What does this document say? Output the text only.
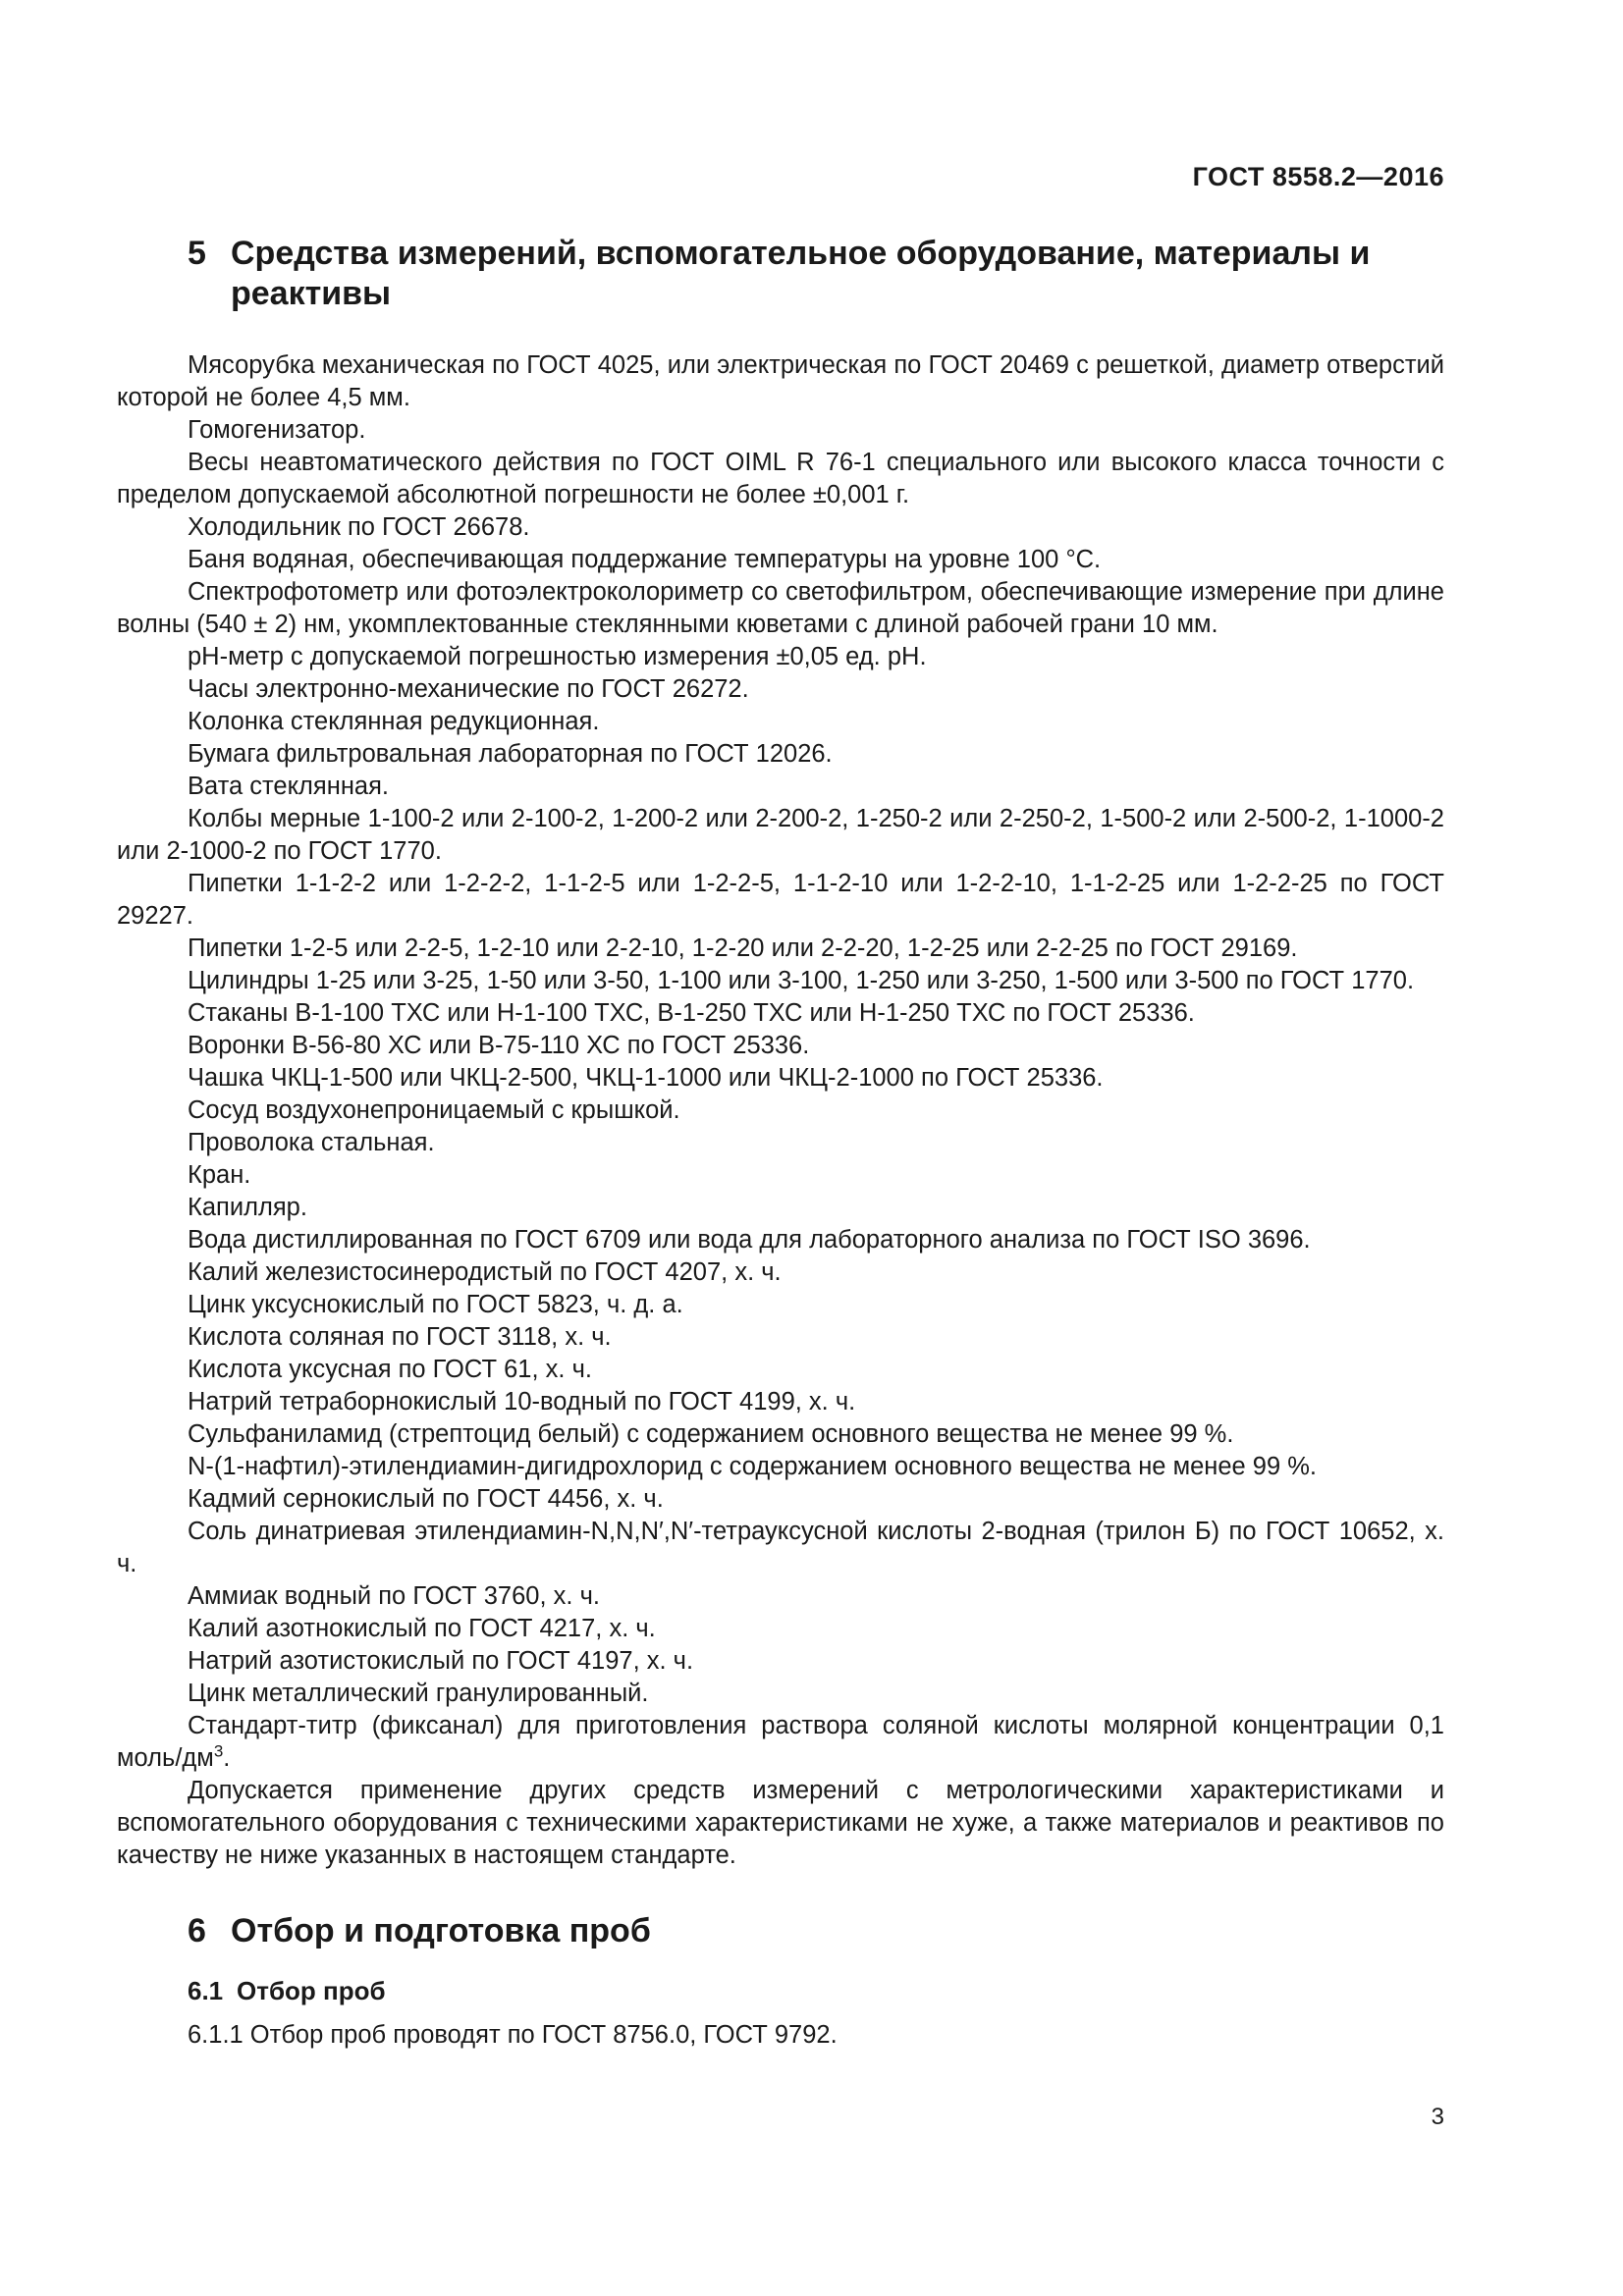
ГОСТ 8558.2—2016
5 Средства измерений, вспомогательное оборудование, материалы и реактивы

Мясорубка механическая по ГОСТ 4025, или электрическая по ГОСТ 20469 с решеткой, диаметр отверстий которой не более 4,5 мм.

Гомогенизатор.

Весы неавтоматического действия по ГОСТ OIML R 76-1 специального или высокого класса точности с пределом допускаемой абсолютной погрешности не более ±0,001 г.

Холодильник по ГОСТ 26678.

Баня водяная, обеспечивающая поддержание температуры на уровне 100 °С.

Спектрофотометр или фотоэлектроколориметр со светофильтром, обеспечивающие измерение при длине волны (540 ± 2) нм, укомплектованные стеклянными кюветами с длиной рабочей грани 10 мм.

pH-метр с допускаемой погрешностью измерения ±0,05 ед. pH.

Часы электронно-механические по ГОСТ 26272.

Колонка стеклянная редукционная.

Бумага фильтровальная лабораторная по ГОСТ 12026.

Вата стеклянная.

Колбы мерные 1-100-2 или 2-100-2, 1-200-2 или 2-200-2, 1-250-2 или 2-250-2, 1-500-2 или 2-500-2, 1-1000-2 или 2-1000-2 по ГОСТ 1770.

Пипетки 1-1-2-2 или 1-2-2-2, 1-1-2-5 или 1-2-2-5, 1-1-2-10 или 1-2-2-10, 1-1-2-25 или 1-2-2-25 по ГОСТ 29227.

Пипетки 1-2-5 или 2-2-5, 1-2-10 или 2-2-10, 1-2-20 или 2-2-20, 1-2-25 или 2-2-25 по ГОСТ 29169.

Цилиндры 1-25 или 3-25, 1-50 или 3-50, 1-100 или 3-100, 1-250 или 3-250, 1-500 или 3-500 по ГОСТ 1770.

Стаканы В-1-100 ТХС или Н-1-100 ТХС, В-1-250 ТХС или Н-1-250 ТХС по ГОСТ 25336.

Воронки В-56-80 ХС или В-75-110 ХС по ГОСТ 25336.

Чашка ЧКЦ-1-500 или ЧКЦ-2-500, ЧКЦ-1-1000 или ЧКЦ-2-1000 по ГОСТ 25336.

Сосуд воздухонепроницаемый с крышкой.

Проволока стальная.

Кран.

Капилляр.

Вода дистиллированная по ГОСТ 6709 или вода для лабораторного анализа по ГОСТ ISO 3696.

Калий железистосинеродистый по ГОСТ 4207, х. ч.

Цинк уксуснокислый по ГОСТ 5823, ч. д. а.

Кислота соляная по ГОСТ 3118, х. ч.

Кислота уксусная по ГОСТ 61, х. ч.

Натрий тетраборнокислый 10-водный по ГОСТ 4199, х. ч.

Сульфаниламид (стрептоцид белый) с содержанием основного вещества не менее 99 %.

N-(1-нафтил)-этилендиамин-дигидрохлорид с содержанием основного вещества не менее 99 %.

Кадмий сернокислый по ГОСТ 4456, х. ч.

Соль динатриевая этилендиамин-N,N,N′,N′-тетрауксусной кислоты 2-водная (трилон Б) по ГОСТ 10652, х. ч.

Аммиак водный по ГОСТ 3760, х. ч.

Калий азотнокислый по ГОСТ 4217, х. ч.

Натрий азотистокислый по ГОСТ 4197, х. ч.

Цинк металлический гранулированный.

Стандарт-титр (фиксанал) для приготовления раствора соляной кислоты молярной концентрации 0,1 моль/$дм^3$.

Допускается применение других средств измерений с метрологическими характеристиками и вспомогательного оборудования с техническими характеристиками не хуже, а также материалов и реактивов по качеству не ниже указанных в настоящем стандарте.

6 Отбор и подготовка проб
6.1 Отбор проб

6.1.1 Отбор проб проводят по ГОСТ 8756.0, ГОСТ 9792.

3
